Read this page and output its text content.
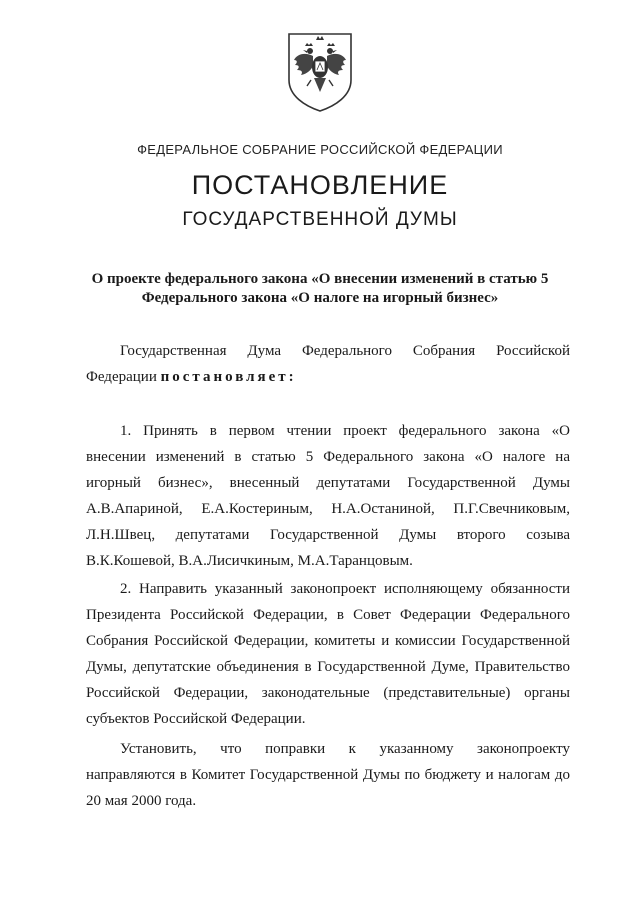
ФЕДЕРАЛЬНОЕ СОБРАНИЕ РОССИЙСКОЙ ФЕДЕРАЦИИ
ПОСТАНОВЛЕНИЕ
ГОСУДАРСТВЕННОЙ ДУМЫ
О проекте федерального закона «О внесении изменений в статью 5
Федерального закона «О налоге на игорный бизнес»
Государственная Дума Федерального Собрания Российской
Федерации постановляет:
1. Принять в первом чтении проект федерального закона «О
внесении изменений в статью 5 Федерального закона «О налоге на
игорный бизнес», внесенный депутатами Государственной Думы
А.В.Апариной, Е.А.Костериным, Н.А.Останиной, П.Г.Свечниковым,
Л.Н.Швец, депутатами Государственной Думы второго созыва
В.К.Кошевой, В.А.Лисичкиным, М.А.Таранцовым.
2. Направить указанный законопроект исполняющему обязанности
Президента Российской Федерации, в Совет Федерации Федерального
Собрания Российской Федерации, комитеты и комиссии Государственной
Думы, депутатские объединения в Государственной Думе, Правительство
Российской Федерации, законодательные (представительные) органы
субъектов Российской Федерации.
Установить, что поправки к указанному законопроекту
направляются в Комитет Государственной Думы по бюджету и налогам до
20 мая 2000 года.
